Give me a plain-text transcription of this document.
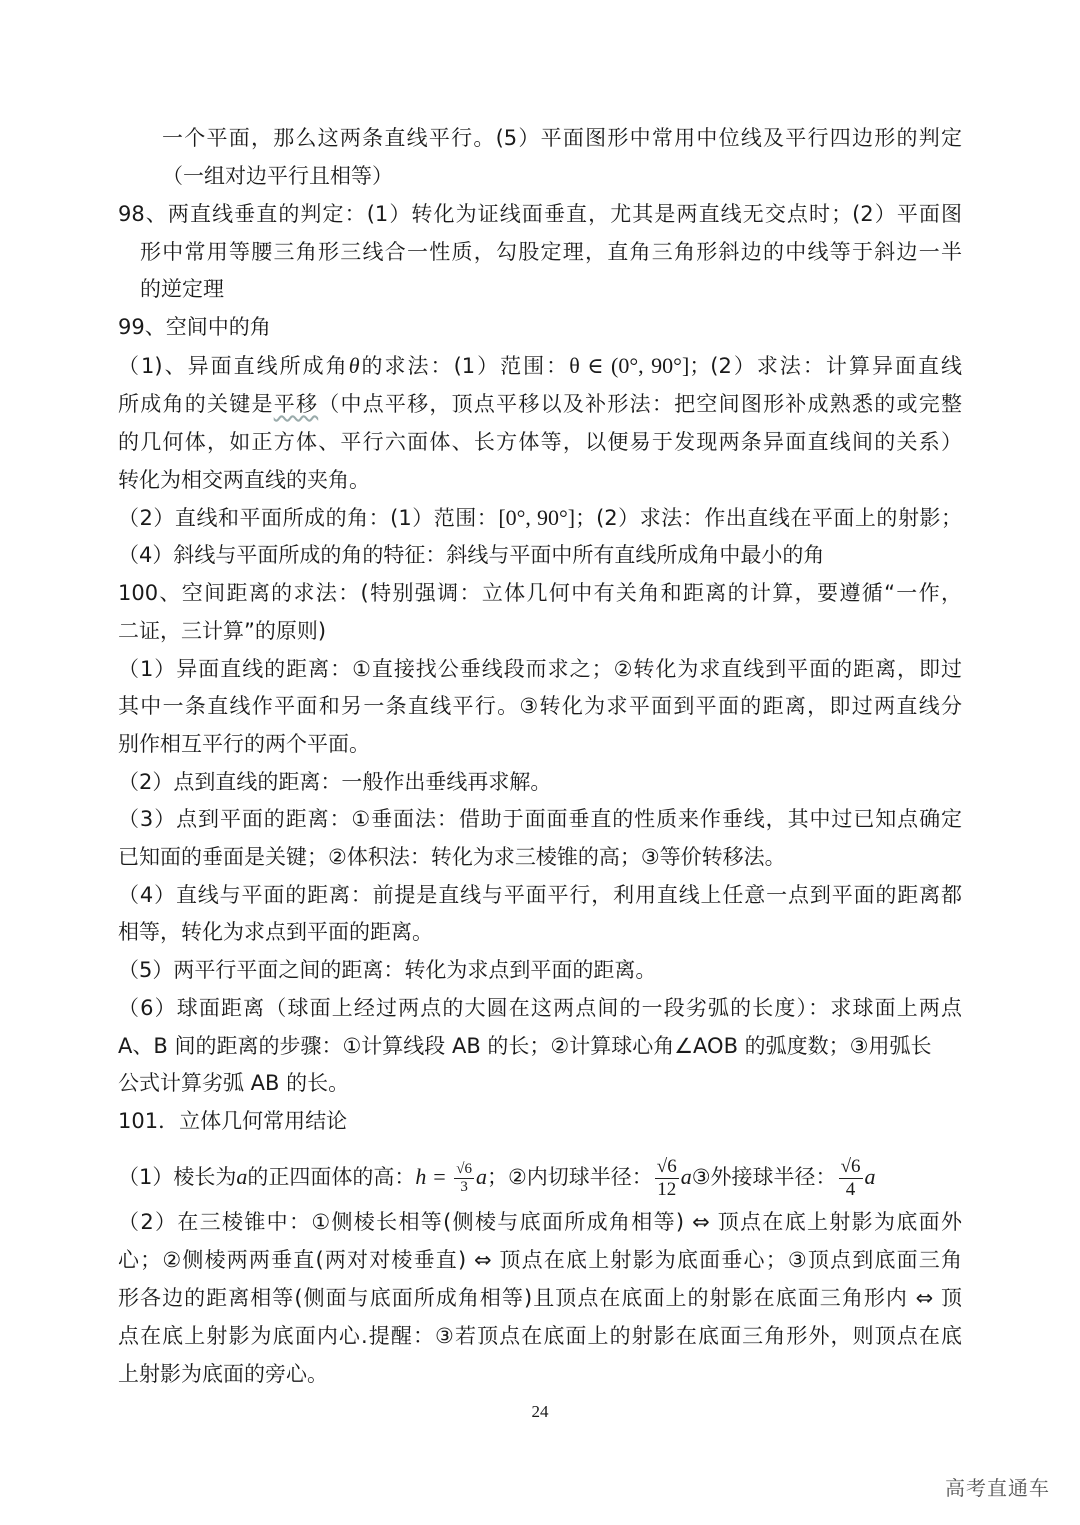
一个平面，那么这两条直线平行。(5）平面图形中常用中位线及平行四边形的判定
（一组对边平行且相等）
98、两直线垂直的判定：(1）转化为证线面垂直，尤其是两直线无交点时；(2）平面图
形中常用等腰三角形三线合一性质，勾股定理，直角三角形斜边的中线等于斜边一半
的逆定理
99、空间中的角
（1)、异面直线所成角θ的求法：(1）范围：θ ∈ (0°, 90°]；(2）求法：计算异面直线
所成角的关键是平移（中点平移，顶点平移以及补形法：把空间图形补成熟悉的或完整
的几何体，如正方体、平行六面体、长方体等，以便易于发现两条异面直线间的关系）
转化为相交两直线的夹角。
（2）直线和平面所成的角：(1）范围：[0°, 90°]；(2）求法：作出直线在平面上的射影；
（4）斜线与平面所成的角的特征：斜线与平面中所有直线所成角中最小的角
100、空间距离的求法：(特别强调：立体几何中有关角和距离的计算，要遵循“一作，
二证，三计算”的原则)
（1）异面直线的距离：①直接找公垂线段而求之；②转化为求直线到平面的距离，即过
其中一条直线作平面和另一条直线平行。③转化为求平面到平面的距离，即过两直线分
别作相互平行的两个平面。
（2）点到直线的距离：一般作出垂线再求解。
（3）点到平面的距离：①垂面法：借助于面面垂直的性质来作垂线，其中过已知点确定
已知面的垂面是关键；②体积法：转化为求三棱锥的高；③等价转移法。
（4）直线与平面的距离：前提是直线与平面平行，利用直线上任意一点到平面的距离都
相等，转化为求点到平面的距离。
（5）两平行平面之间的距离：转化为求点到平面的距离。
（6）球面距离（球面上经过两点的大圆在这两点间的一段劣弧的长度）：求球面上两点
A、B 间的距离的步骤：①计算线段 AB 的长；②计算球心角∠AOB 的弧度数；③用弧长
公式计算劣弧 AB 的长。
101．立体几何常用结论
（1）棱长为a的正四面体的高：$h = \frac{√6}{3}$ a；②内切球半径： $\frac{√6}{12}$ a③外接球半径： $\frac{√6}{4}$ a
（2）在三棱锥中：①侧棱长相等(侧棱与底面所成角相等) ⇔ 顶点在底上射影为底面外
心；②侧棱两两垂直(两对对棱垂直) ⇔ 顶点在底上射影为底面垂心；③顶点到底面三角
形各边的距离相等(侧面与底面所成角相等)且顶点在底面上的射影在底面三角形内 ⇔ 顶
点在底上射影为底面内心.提醒：③若顶点在底面上的射影在底面三角形外，则顶点在底
上射影为底面的旁心。
24
高考直通车
